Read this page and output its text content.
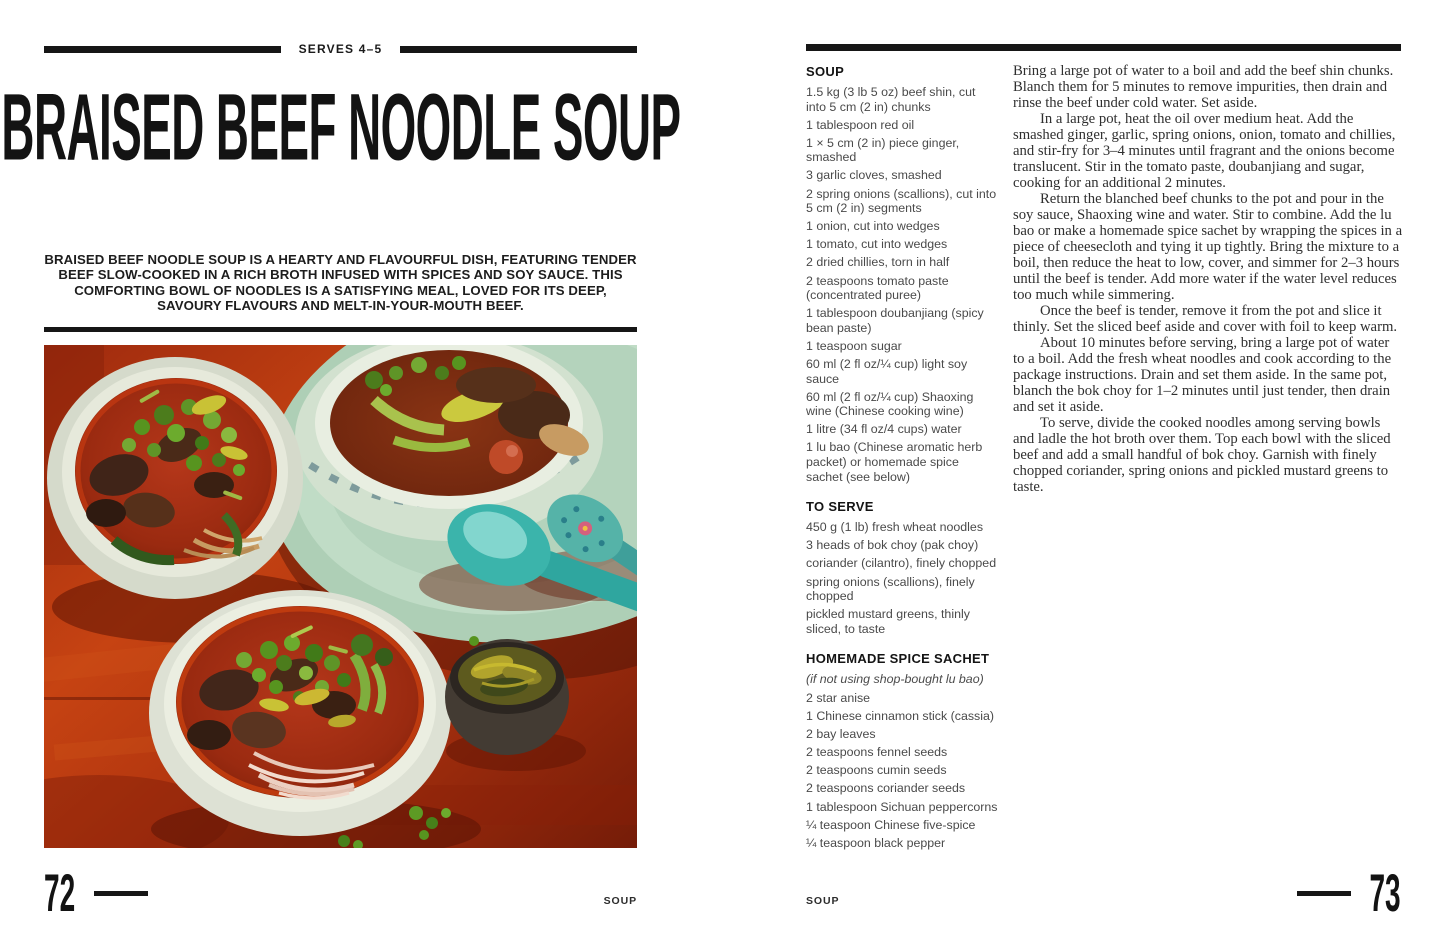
SERVES 4–5
BRAISED BEEF NOODLE SOUP

BRAISED BEEF NOODLE SOUP IS A HEARTY AND FLAVOURFUL DISH, FEATURING TENDER BEEF SLOW-COOKED IN A RICH BROTH INFUSED WITH SPICES AND SOY SAUCE. THIS COMFORTING BOWL OF NOODLES IS A SATISFYING MEAL, LOVED FOR ITS DEEP, SAVOURY FLAVOURS AND MELT-IN-YOUR-MOUTH BEEF.

SOUP
1.5 kg (3 lb 5 oz) beef shin, cut into 5 cm (2 in) chunks
1 tablespoon red oil
1 × 5 cm (2 in) piece ginger, smashed
3 garlic cloves, smashed
2 spring onions (scallions), cut into 5 cm (2 in) segments
1 onion, cut into wedges
1 tomato, cut into wedges
2 dried chillies, torn in half
2 teaspoons tomato paste (concentrated puree)
1 tablespoon doubanjiang (spicy bean paste)
1 teaspoon sugar
60 ml (2 fl oz/¼ cup) light soy sauce
60 ml (2 fl oz/¼ cup) Shaoxing wine (Chinese cooking wine)
1 litre (34 fl oz/4 cups) water
1 lu bao (Chinese aromatic herb packet) or homemade spice sachet (see below)
TO SERVE
450 g (1 lb) fresh wheat noodles
3 heads of bok choy (pak choy)
coriander (cilantro), finely chopped
spring onions (scallions), finely chopped
pickled mustard greens, thinly sliced, to taste
HOMEMADE SPICE SACHET

(if not using shop-bought lu bao)

2 star anise
1 Chinese cinnamon stick (cassia)
2 bay leaves
2 teaspoons fennel seeds
2 teaspoons cumin seeds
2 teaspoons coriander seeds
1 tablespoon Sichuan peppercorns
¼ teaspoon Chinese five-spice
¼ teaspoon black pepper

Bring a large pot of water to a boil and add the beef shin chunks. Blanch them for 5 minutes to remove impurities, then drain and rinse the beef under cold water. Set aside.

In a large pot, heat the oil over medium heat. Add the smashed ginger, garlic, spring onions, onion, tomato and chillies, and stir-fry for 3–4 minutes until fragrant and the onions become translucent. Stir in the tomato paste, doubanjiang and sugar, cooking for an additional 2 minutes.

Return the blanched beef chunks to the pot and pour in the soy sauce, Shaoxing wine and water. Stir to combine. Add the lu bao or make a homemade spice sachet by wrapping the spices in a piece of cheesecloth and tying it up tightly. Bring the mixture to a boil, then reduce the heat to low, cover, and simmer for 2–3 hours until the beef is tender. Add more water if the water level reduces too much while simmering.

Once the beef is tender, remove it from the pot and slice it thinly. Set the sliced beef aside and cover with foil to keep warm.

About 10 minutes before serving, bring a large pot of water to a boil. Add the fresh wheat noodles and cook according to the package instructions. Drain and set them aside. In the same pot, blanch the bok choy for 1–2 minutes until just tender, then drain and set it aside.

To serve, divide the cooked noodles among serving bowls and ladle the hot broth over them. Top each bowl with the sliced beef and add a small handful of bok choy. Garnish with finely chopped coriander, spring onions and pickled mustard greens to taste.

72	SOUP	SOUP	73
